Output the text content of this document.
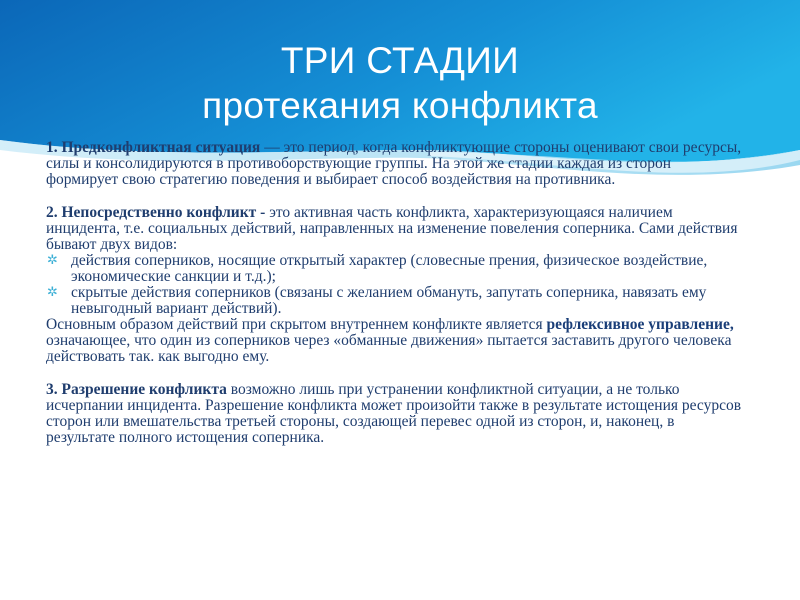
ТРИ СТАДИИ
протекания конфликта

1. Предконфликтная ситуация — это период, когда конфликтующие стороны оценивают свои ресурсы, силы и консолидируются в противоборствующие группы. На этой же стадии каждая из сторон формирует свою стратегию поведения и выбирает способ воздействия на противника.

2. Непосредственно конфликт - это активная часть конфликта, характеризующаяся наличием инцидента, т.е. социальных действий, направленных на изменение повеления соперника. Сами действия бывают двух видов:

✲ действия соперников, носящие открытый характер (словесные прения, физическое воздействие, экономические санкции и т.д.);

✲ скрытые действия соперников (связаны с желанием обмануть, запутать соперника, навязать ему невыгодный вариант действий).

Основным образом действий при скрытом внутреннем конфликте является рефлексивное управление, означающее, что один из соперников через «обманные движения» пытается заставить другого человека действовать так. как выгодно ему.

3. Разрешение конфликта возможно лишь при устранении конфликтной ситуации, а не только исчерпании инцидента. Разрешение конфликта может произойти также в результате истощения ресурсов сторон или вмешательства третьей стороны, создающей перевес одной из сторон, и, наконец, в результате полного истощения соперника.
